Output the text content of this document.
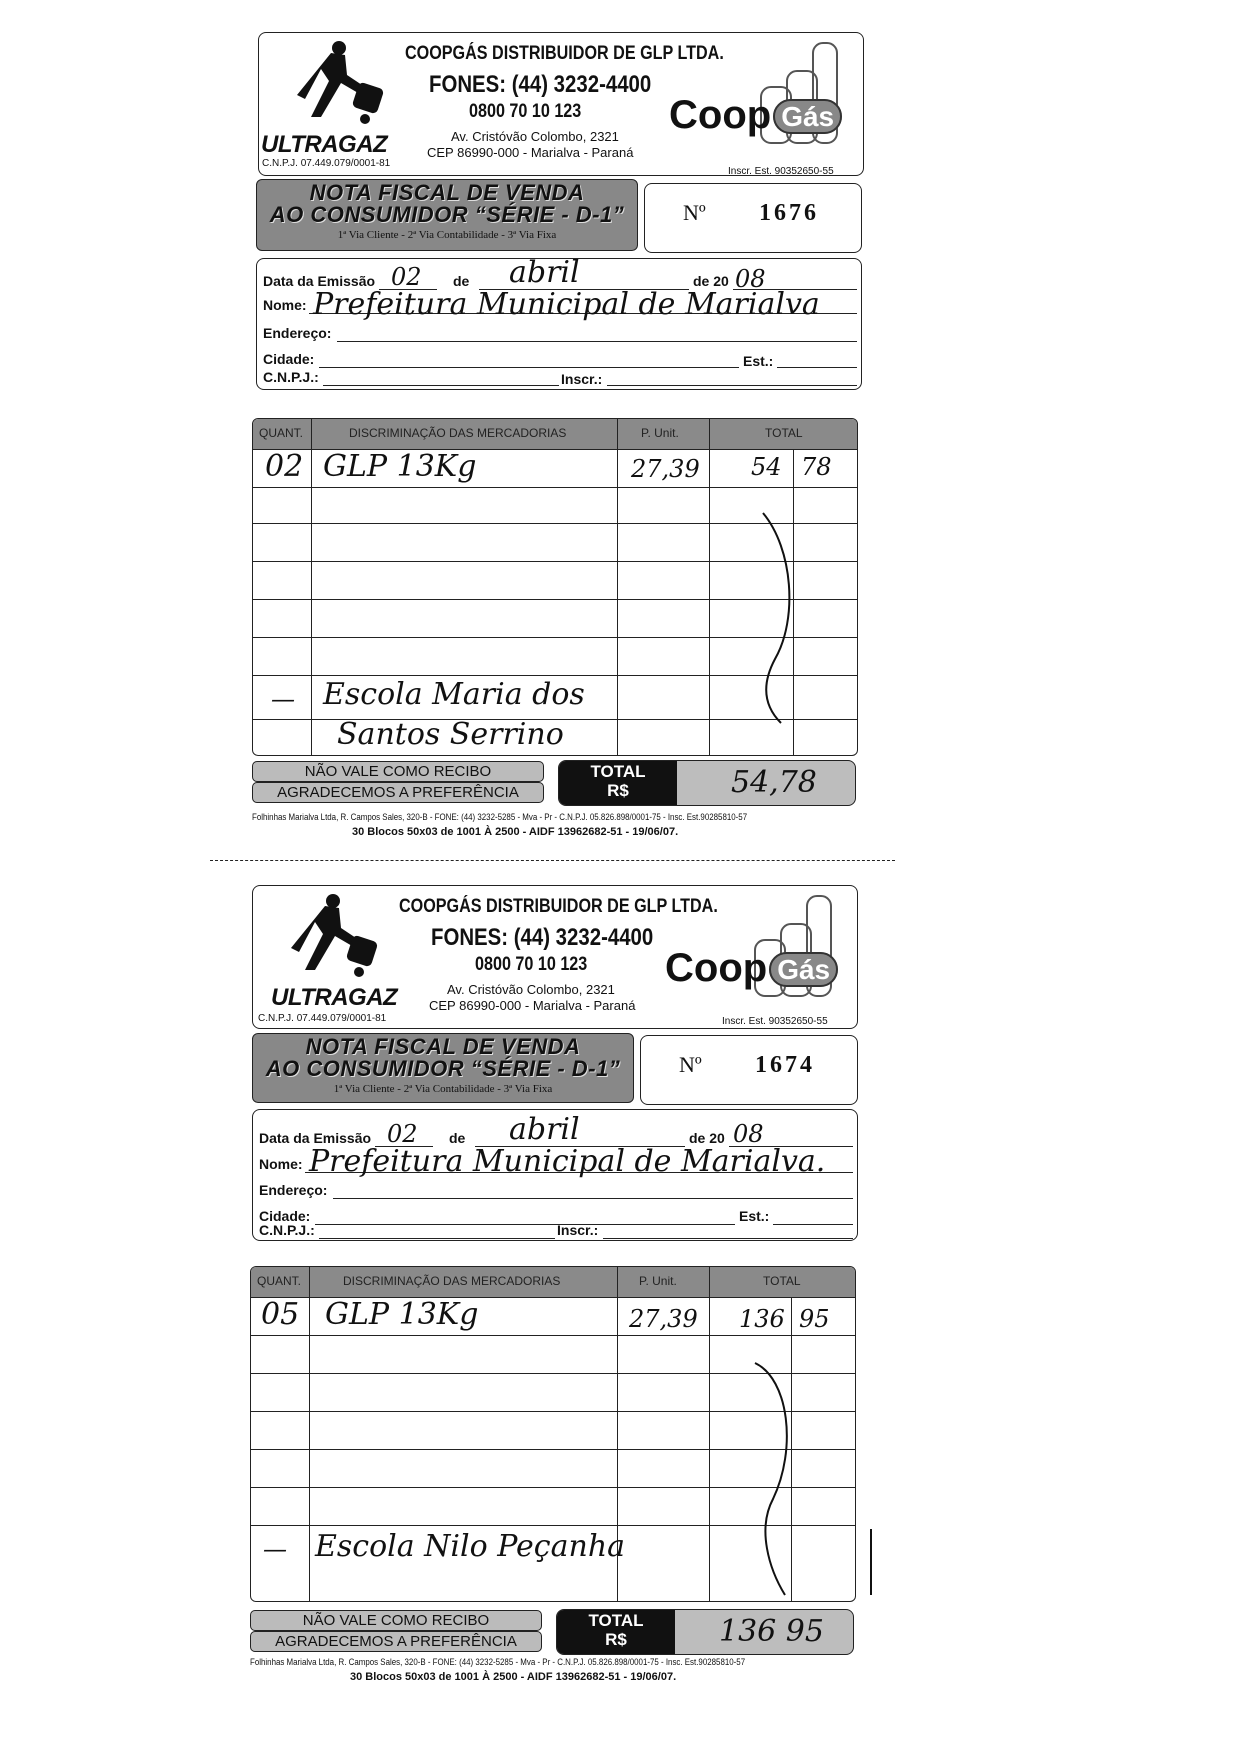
ULTRAGAZ
COOPGÁS DISTRIBUIDOR DE GLP LTDA.
FONES: (44) 3232-4400
0800 70 10 123
Av. Cristóvão Colombo, 2321
CEP 86990-000 - Marialva - Paraná
Coop Gás
C.N.P.J. 07.449.079/0001-81
Inscr. Est. 90352650-55
NOTA FISCAL DE VENDA
AO CONSUMIDOR “SÉRIE - D-1”
1ª Via Cliente - 2ª Via Contabilidade - 3ª Via Fixa
Nº 1676
Data da Emissão 02 de abril	de 20 08
Nome: Prefeitura Municipal de Marialva
Endereço:
Cidade:	Est.:
C.N.P.J.:	Inscr.:
QUANT.	DISCRIMINAÇÃO DAS MERCADORIAS	P. Unit.	TOTAL
02 GLP 13Kg	27,39 54 78
— Escola Maria dos
Santos Serrino
NÃO VALE COMO RECIBO
AGRADECEMOS A PREFERÊNCIA
TOTAL
R$	54,78
Folhinhas Marialva Ltda, R. Campos Sales, 320-B - FONE: (44) 3232-5285 - Mva - Pr - C.N.P.J. 05.826.898/0001-75 - Insc. Est.90285810-57
30 Blocos 50x03 de 1001 À 2500 - AIDF 13962682-51 - 19/06/07.
ULTRAGAZ
COOPGÁS DISTRIBUIDOR DE GLP LTDA.
FONES: (44) 3232-4400
0800 70 10 123
Av. Cristóvão Colombo, 2321
CEP 86990-000 - Marialva - Paraná
Coop Gás
C.N.P.J. 07.449.079/0001-81	Inscr. Est. 90352650-55
NOTA FISCAL DE VENDA
AO CONSUMIDOR “SÉRIE - D-1”
1ª Via Cliente - 2ª Via Contabilidade - 3ª Via Fixa
Nº 1674
Data da Emissão 02 de abril	de 20 08
Nome: Prefeitura Municipal de Marialva.
Endereço:
Cidade:	Est.:
C.N.P.J.:	Inscr.:
QUANT.	DISCRIMINAÇÃO DAS MERCADORIAS	P. Unit.	TOTAL
05 GLP 13Kg	27,39 136 95
— Escola Nilo Peçanha
NÃO VALE COMO RECIBO
AGRADECEMOS A PREFERÊNCIA
TOTAL
R$	136 95
Folhinhas Marialva Ltda, R. Campos Sales, 320-B - FONE: (44) 3232-5285 - Mva - Pr - C.N.P.J. 05.826.898/0001-75 - Insc. Est.90285810-57
30 Blocos 50x03 de 1001 À 2500 - AIDF 13962682-51 - 19/06/07.
